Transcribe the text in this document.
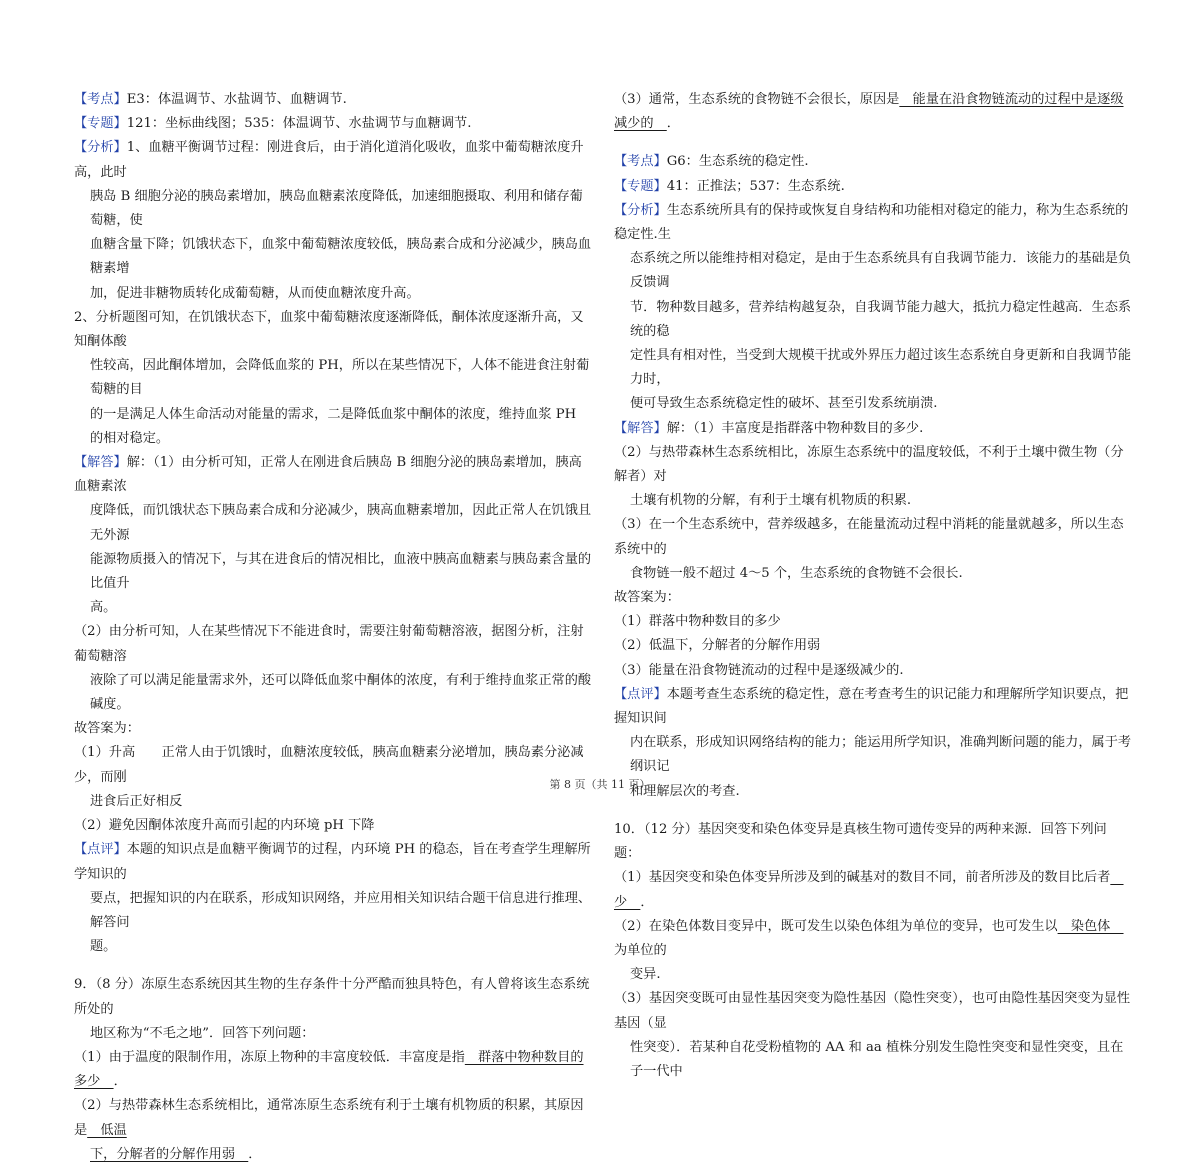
【考点】E3：体温调节、水盐调节、血糖调节.

【专题】121：坐标曲线图；535：体温调节、水盐调节与血糖调节.

【分析】1、血糖平衡调节过程：刚进食后，由于消化道消化吸收，血浆中葡萄糖浓度升高，此时

胰岛 B 细胞分泌的胰岛素增加，胰岛血糖素浓度降低，加速细胞摄取、利用和储存葡萄糖，使

血糖含量下降；饥饿状态下，血浆中葡萄糖浓度较低，胰岛素合成和分泌减少，胰岛血糖素增

加，促进非糖物质转化成葡萄糖，从而使血糖浓度升高。

2、分析题图可知，在饥饿状态下，血浆中葡萄糖浓度逐渐降低，酮体浓度逐渐升高，又知酮体酸

性较高，因此酮体增加，会降低血浆的 PH，所以在某些情况下，人体不能进食注射葡萄糖的目

的一是满足人体生命活动对能量的需求，二是降低血浆中酮体的浓度，维持血浆 PH 的相对稳定。

【解答】解：（1）由分析可知，正常人在刚进食后胰岛 B 细胞分泌的胰岛素增加，胰高血糖素浓

度降低，而饥饿状态下胰岛素合成和分泌减少，胰高血糖素增加，因此正常人在饥饿且无外源

能源物质摄入的情况下，与其在进食后的情况相比，血液中胰高血糖素与胰岛素含量的比值升

高。

（2）由分析可知，人在某些情况下不能进食时，需要注射葡萄糖溶液，据图分析，注射葡萄糖溶

液除了可以满足能量需求外，还可以降低血浆中酮体的浓度，有利于维持血浆正常的酸碱度。

故答案为：

（1）升高　　正常人由于饥饿时，血糖浓度较低，胰高血糖素分泌增加，胰岛素分泌减少，而刚

进食后正好相反

（2）避免因酮体浓度升高而引起的内环境 pH 下降

【点评】本题的知识点是血糖平衡调节的过程，内环境 PH 的稳态，旨在考查学生理解所学知识的

要点，把握知识的内在联系，形成知识网络，并应用相关知识结合题干信息进行推理、解答问

题。

9．（8 分）冻原生态系统因其生物的生存条件十分严酷而独具特色，有人曾将该生态系统所处的

地区称为“不毛之地”．回答下列问题：

（1）由于温度的限制作用，冻原上物种的丰富度较低．丰富度是指　群落中物种数目的多少　．

（2）与热带森林生态系统相比，通常冻原生态系统有利于土壤有机物质的积累，其原因是　低温

下，分解者的分解作用弱　．

（3）通常，生态系统的食物链不会很长，原因是　能量在沿食物链流动的过程中是逐级减少的　．

【考点】G6：生态系统的稳定性.

【专题】41：正推法；537：生态系统.

【分析】生态系统所具有的保持或恢复自身结构和功能相对稳定的能力，称为生态系统的稳定性.生

态系统之所以能维持相对稳定，是由于生态系统具有自我调节能力．该能力的基础是负反馈调

节．物种数目越多，营养结构越复杂，自我调节能力越大，抵抗力稳定性越高．生态系统的稳

定性具有相对性，当受到大规模干扰或外界压力超过该生态系统自身更新和自我调节能力时，

便可导致生态系统稳定性的破坏、甚至引发系统崩溃.

【解答】解：（1）丰富度是指群落中物种数目的多少.

（2）与热带森林生态系统相比，冻原生态系统中的温度较低，不利于土壤中微生物（分解者）对

土壤有机物的分解，有利于土壤有机物质的积累.

（3）在一个生态系统中，营养级越多，在能量流动过程中消耗的能量就越多，所以生态系统中的

食物链一般不超过 4～5 个，生态系统的食物链不会很长.

故答案为：

（1）群落中物种数目的多少

（2）低温下，分解者的分解作用弱

（3）能量在沿食物链流动的过程中是逐级减少的.

【点评】本题考查生态系统的稳定性，意在考查考生的识记能力和理解所学知识要点，把握知识间

内在联系，形成知识网络结构的能力；能运用所学知识，准确判断问题的能力，属于考纲识记

和理解层次的考查.

10．（12 分）基因突变和染色体变异是真核生物可遗传变异的两种来源．回答下列问题：

（1）基因突变和染色体变异所涉及到的碱基对的数目不同，前者所涉及的数目比后者　少　．

（2）在染色体数目变异中，既可发生以染色体组为单位的变异，也可发生以　染色体　为单位的

变异.

（3）基因突变既可由显性基因突变为隐性基因（隐性突变），也可由隐性基因突变为显性基因（显

性突变）．若某种自花受粉植物的 AA 和 aa 植株分别发生隐性突变和显性突变，且在子一代中

第 8 页（共 11 页）
